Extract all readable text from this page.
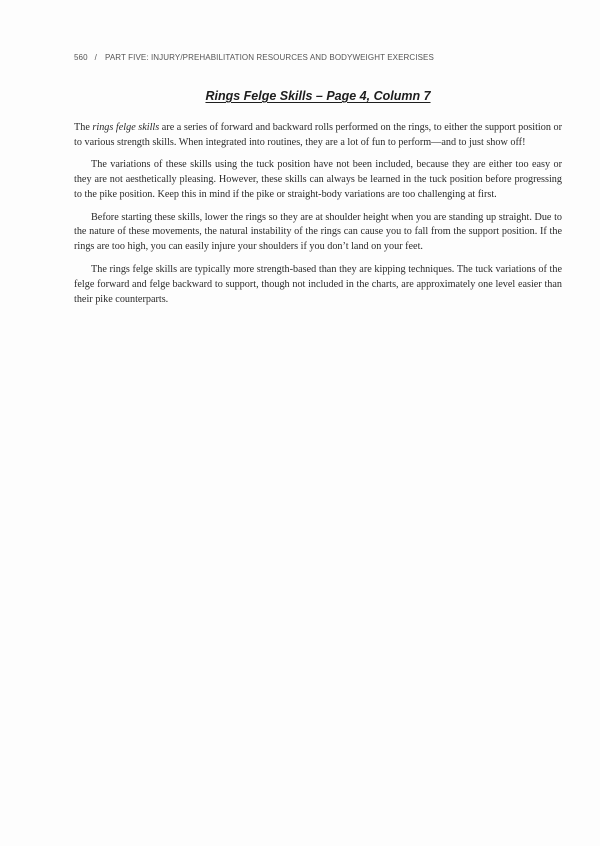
560 / PART FIVE: INJURY/PREHABILITATION RESOURCES AND BODYWEIGHT EXERCISES
Rings Felge Skills – Page 4, Column 7

The rings felge skills are a series of forward and backward rolls performed on the rings, to either the support position or to various strength skills. When integrated into routines, they are a lot of fun to perform—and to just show off!

The variations of these skills using the tuck position have not been included, because they are either too easy or they are not aesthetically pleasing. However, these skills can always be learned in the tuck position before progressing to the pike position. Keep this in mind if the pike or straight-body variations are too challenging at first.

Before starting these skills, lower the rings so they are at shoulder height when you are standing up straight. Due to the nature of these movements, the natural instability of the rings can cause you to fall from the support position. If the rings are too high, you can easily injure your shoulders if you don’t land on your feet.

The rings felge skills are typically more strength-based than they are kipping techniques. The tuck variations of the felge forward and felge backward to support, though not included in the charts, are approximately one level easier than their pike counterparts.
